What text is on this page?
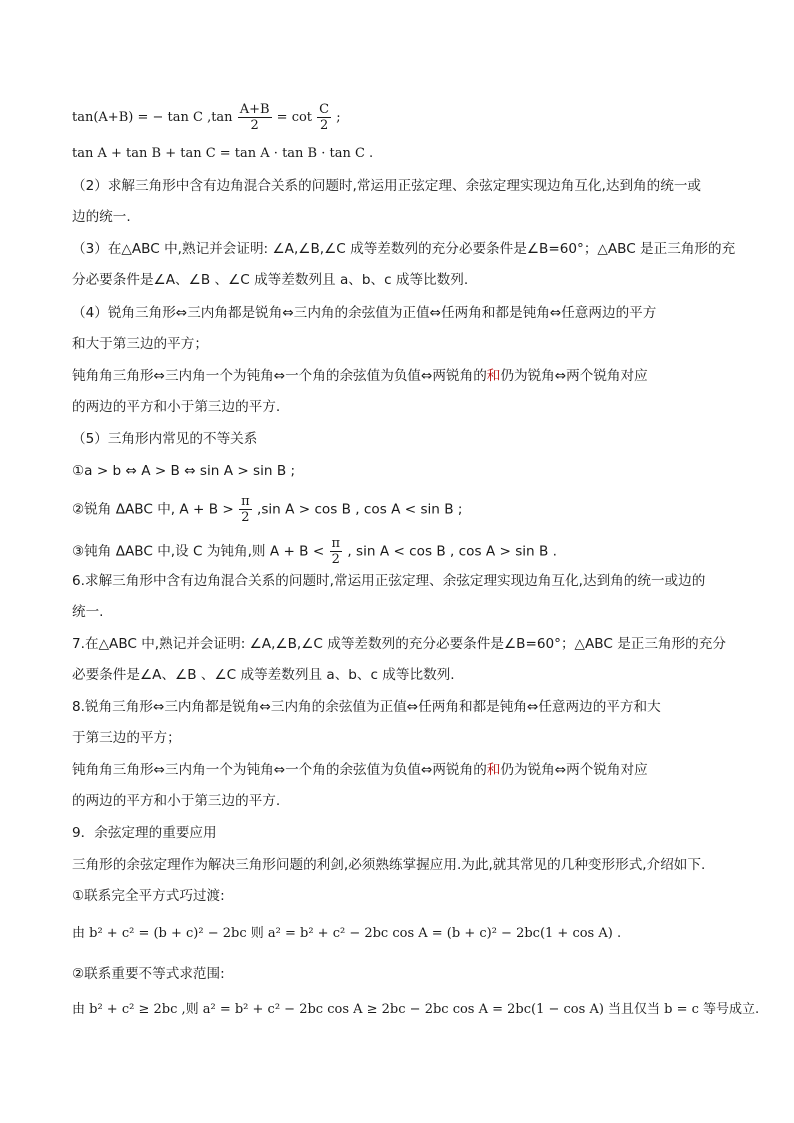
tan(A+B) = − tan C $,\tan \frac{A+B}{2} = \cot \frac{C}{2}$ ;
tan A + tan B + tan C = tan A · tan B · tan C .
（2）求解三角形中含有边角混合关系的问题时,常运用正弦定理、余弦定理实现边角互化,达到角的统一或
边的统一.
（3）在△ABC 中,熟记并会证明: ∠A,∠B,∠C 成等差数列的充分必要条件是∠B=60°；△ABC 是正三角形的充
分必要条件是∠A、∠B 、∠C 成等差数列且 a、b、c 成等比数列.
（4）锐角三角形⇔三内角都是锐角⇔三内角的余弦值为正值⇔任两角和都是钝角⇔任意两边的平方
和大于第三边的平方；
钝角角三角形⇔三内角一个为钝角⇔一个角的余弦值为负值⇔两锐角的和仍为锐角⇔两个锐角对应
的两边的平方和小于第三边的平方.
（5）三角形内常见的不等关系
①a > b ⇔ A > B ⇔ sin A > sin B ;
②锐角 ΔABC 中, $A + B > \frac{\pi}{2} ,\sin$ A > cos B , cos A < sin B ;
③钝角 ΔABC 中,设 C 为钝角,则 $A + B < \frac{\pi}{2}$ , sin A < cos B , cos A > sin B .
6.求解三角形中含有边角混合关系的问题时,常运用正弦定理、余弦定理实现边角互化,达到角的统一或边的
统一.
7.在△ABC 中,熟记并会证明: ∠A,∠B,∠C 成等差数列的充分必要条件是∠B=60°；△ABC 是正三角形的充分
必要条件是∠A、∠B 、∠C 成等差数列且 a、b、c 成等比数列.
8.锐角三角形⇔三内角都是锐角⇔三内角的余弦值为正值⇔任两角和都是钝角⇔任意两边的平方和大
于第三边的平方；
钝角角三角形⇔三内角一个为钝角⇔一个角的余弦值为负值⇔两锐角的和仍为锐角⇔两个锐角对应
的两边的平方和小于第三边的平方.
9．余弦定理的重要应用
三角形的余弦定理作为解决三角形问题的利剑,必须熟练掌握应用.为此,就其常见的几种变形形式,介绍如下.
①联系完全平方式巧过渡:
由 b² + c² = (b + c)² − 2bc 则 a² = b² + c² − 2bc cos A = (b + c)² − 2bc(1 + cos A) .
②联系重要不等式求范围:
由 b² + c² ≥ 2bc ,则 a² = b² + c² − 2bc cos A ≥ 2bc − 2bc cos A = 2bc(1 − cos A) 当且仅当 b = c 等号成立.
